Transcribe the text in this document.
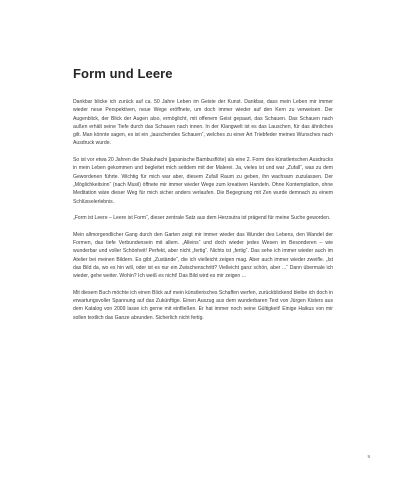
Form und Leere

Dankbar blicke ich zurück auf ca. 50 Jahre Leben im Geiste der Kunst. Dankbar, dass mein Leben mir immer wieder neue Perspektiven, neue Wege eröffnete, um doch immer wieder auf den Kern zu verweisen. Der Augenblick, der Blick der Augen also, ermöglicht, mit offenem Geist gepaart, das Schauen. Das Schauen nach außen erhält seine Tiefe durch das Schauen nach innen. In der Klangwelt ist es das Lauschen, für das ähnliches gilt. Man könnte sagen, es ist ein „lauschendes Schauen“, welches zu einer Art Triebfeder meines Wunsches nach Ausdruck wurde.

So ist vor etwa 20 Jahren die Shakuhachi (japanische Bambusflöte) als eine 2. Form des künstlerischen Ausdrucks in mein Leben gekommen und begleitet mich seitdem mit der Malerei. Ja, vieles ist und war „Zufall“, was zu dem Gewordenen führte. Wichtig für mich war aber, diesem Zufall Raum zu geben, ihn wachsam zuzulassen. Der „Möglichkeitsinn“ (nach Musil) öffnete mir immer wieder Wege zum kreativen Handeln. Ohne Kontemplation, ohne Meditation wäre dieser Weg für mich sicher anders verlaufen. Die Begegnung mit Zen wurde demnach zu einem Schlüsselerlebnis.

„Form ist Leere – Leere ist Form“, dieser zentrale Satz aus dem Herzsutra ist prägend für meine Suche geworden.

Mein allmorgendlicher Gang durch den Garten zeigt mir immer wieder das Wunder des Lebens, den Wandel der Formen, das tiefe Verbundensein mit allem. „Alleins“ und doch wieder jedes Wesen im Besonderen – wie wunderbar und voller Schönheit! Perfekt, aber nicht „fertig“. Nichts ist „fertig“. Das sehe ich immer wieder auch im Atelier bei meinen Bildern. Es gibt „Zustände“, die ich vielleicht zeigen mag. Aber auch immer wieder zweifle. „Ist das Bild da, wo es hin will, oder ist es nur ein Zwischenschritt? Vielleicht ganz schön, aber ...“ Dann übermale ich wieder, gehe weiter. Wohin? Ich weiß es nicht! Das Bild wird es mir zeigen ...

Mit diesem Buch möchte ich einen Blick auf mein künstlerisches Schaffen werfen, zurückblickend bleibe ich doch in erwartungsvoller Spannung auf das Zukünftige. Einen Auszug aus dem wunderbaren Text von Jürgen Kisters aus dem Katalog von 2009 lasse ich gerne mit einfließen. Er hat immer noch seine Gültigkeit! Einige Haikus von mir sollen textlich das Ganze abrunden. Sicherlich nicht fertig.

9
